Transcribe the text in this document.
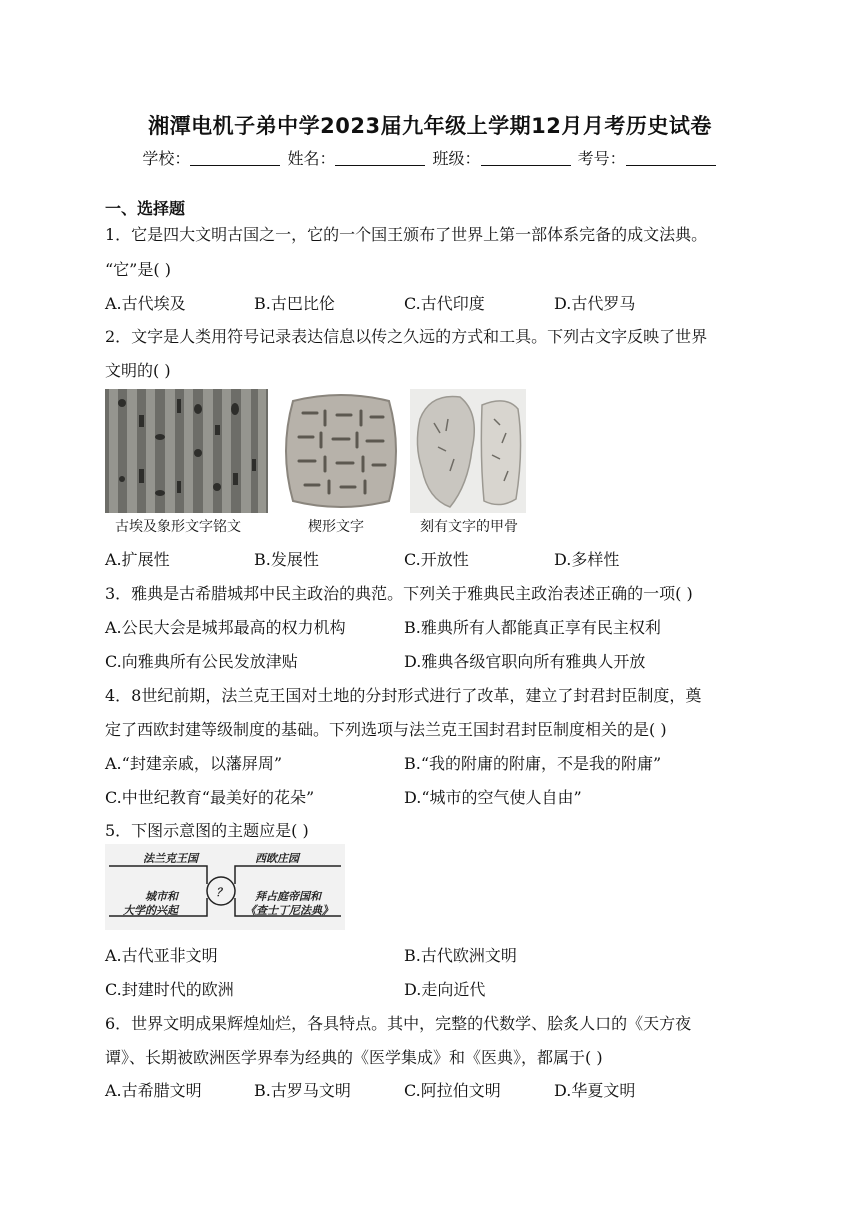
湘潭电机子弟中学2023届九年级上学期12月月考历史试卷
学校：	姓名：	班级：	考号：
一、选择题
1．它是四大文明古国之一，它的一个国王颁布了世界上第一部体系完备的成文法典。
“它”是( )
A.古代埃及	B.古巴比伦	C.古代印度	D.古代罗马
2．文字是人类用符号记录表达信息以传之久远的方式和工具。下列古文字反映了世界
文明的( )
古埃及象形文字铭文	楔形文字	刻有文字的甲骨
A.扩展性	B.发展性	C.开放性	D.多样性
3．雅典是古希腊城邦中民主政治的典范。下列关于雅典民主政治表述正确的一项( )
A.公民大会是城邦最高的权力机构	B.雅典所有人都能真正享有民主权利
C.向雅典所有公民发放津贴	D.雅典各级官职向所有雅典人开放
4．8世纪前期，法兰克王国对土地的分封形式进行了改革，建立了封君封臣制度，奠
定了西欧封建等级制度的基础。下列选项与法兰克王国封君封臣制度相关的是( )
A.“封建亲戚，以藩屏周”	B.“我的附庸的附庸，不是我的附庸”
C.中世纪教育“最美好的花朵”	D.“城市的空气使人自由”
5．下图示意图的主题应是( )
法兰克王国	西欧庄园
？
城市和
大学的兴起
拜占庭帝国和
《查士丁尼法典》
A.古代亚非文明	B.古代欧洲文明
C.封建时代的欧洲	D.走向近代
6．世界文明成果辉煌灿烂，各具特点。其中，完整的代数学、脍炙人口的《天方夜
谭》、长期被欧洲医学界奉为经典的《医学集成》和《医典》，都属于( )
A.古希腊文明	B.古罗马文明	C.阿拉伯文明	D.华夏文明
